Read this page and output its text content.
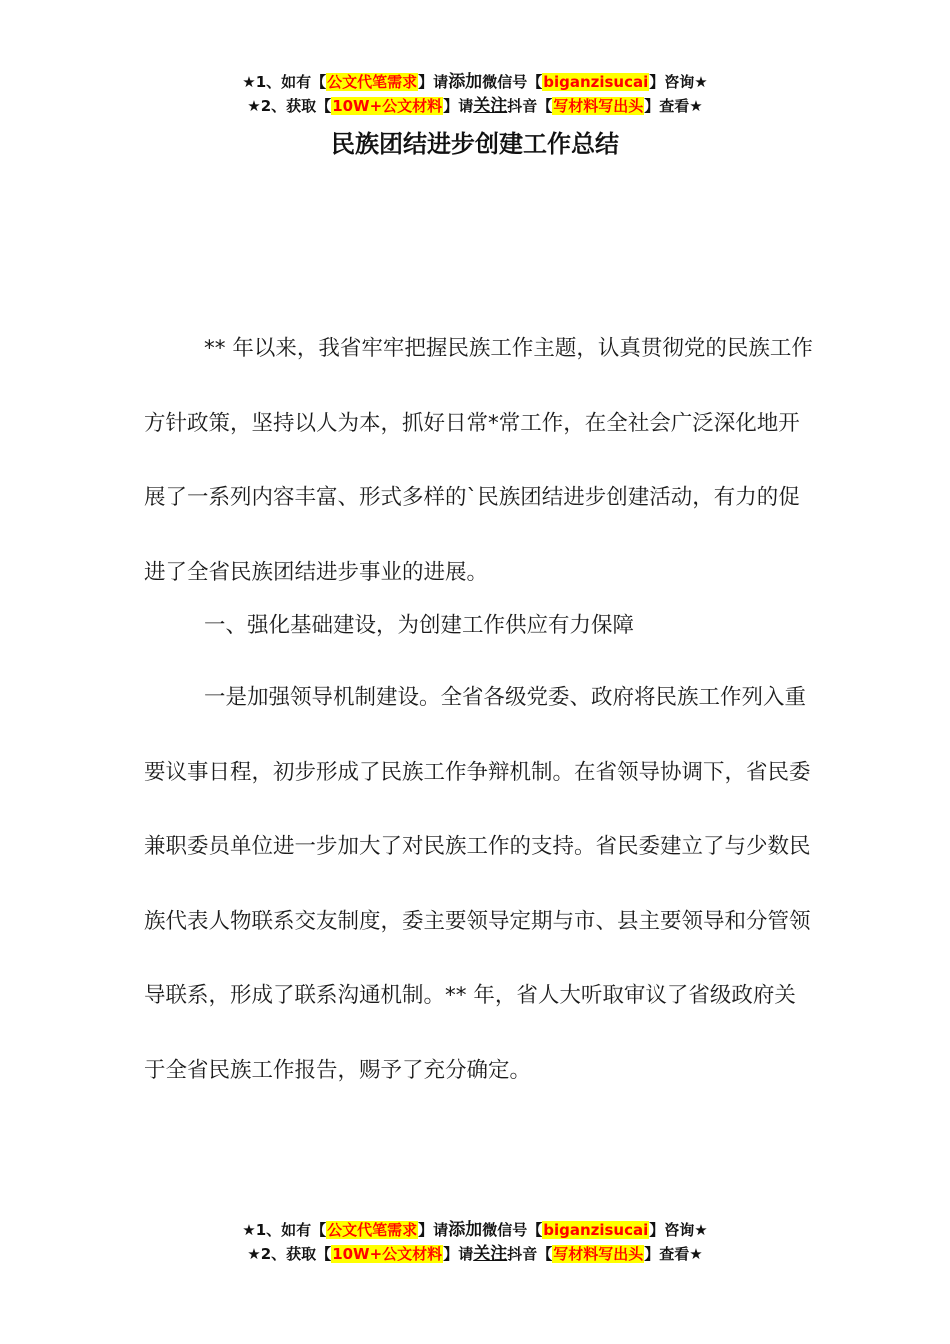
★1、如有【公文代笔需求】请添加微信号【biganzisucai】咨询★
★2、获取【10W+公文材料】请关注抖音【写材料写出头】查看★
民族团结进步创建工作总结

** 年以来，我省牢牢把握民族工作主题，认真贯彻党的民族工作方针政策，坚持以人为本，抓好日常*常工作，在全社会广泛深化地开展了一系列内容丰富、形式多样的`民族团结进步创建活动，有力的促进了全省民族团结进步事业的进展。

一、强化基础建设，为创建工作供应有力保障

一是加强领导机制建设。全省各级党委、政府将民族工作列入重要议事日程，初步形成了民族工作争辩机制。在省领导协调下，省民委兼职委员单位进一步加大了对民族工作的支持。省民委建立了与少数民族代表人物联系交友制度，委主要领导定期与市、县主要领导和分管领导联系，形成了联系沟通机制。** 年，省人大听取审议了省级政府关于全省民族工作报告，赐予了充分确定。

★1、如有【公文代笔需求】请添加微信号【biganzisucai】咨询★
★2、获取【10W+公文材料】请关注抖音【写材料写出头】查看★
